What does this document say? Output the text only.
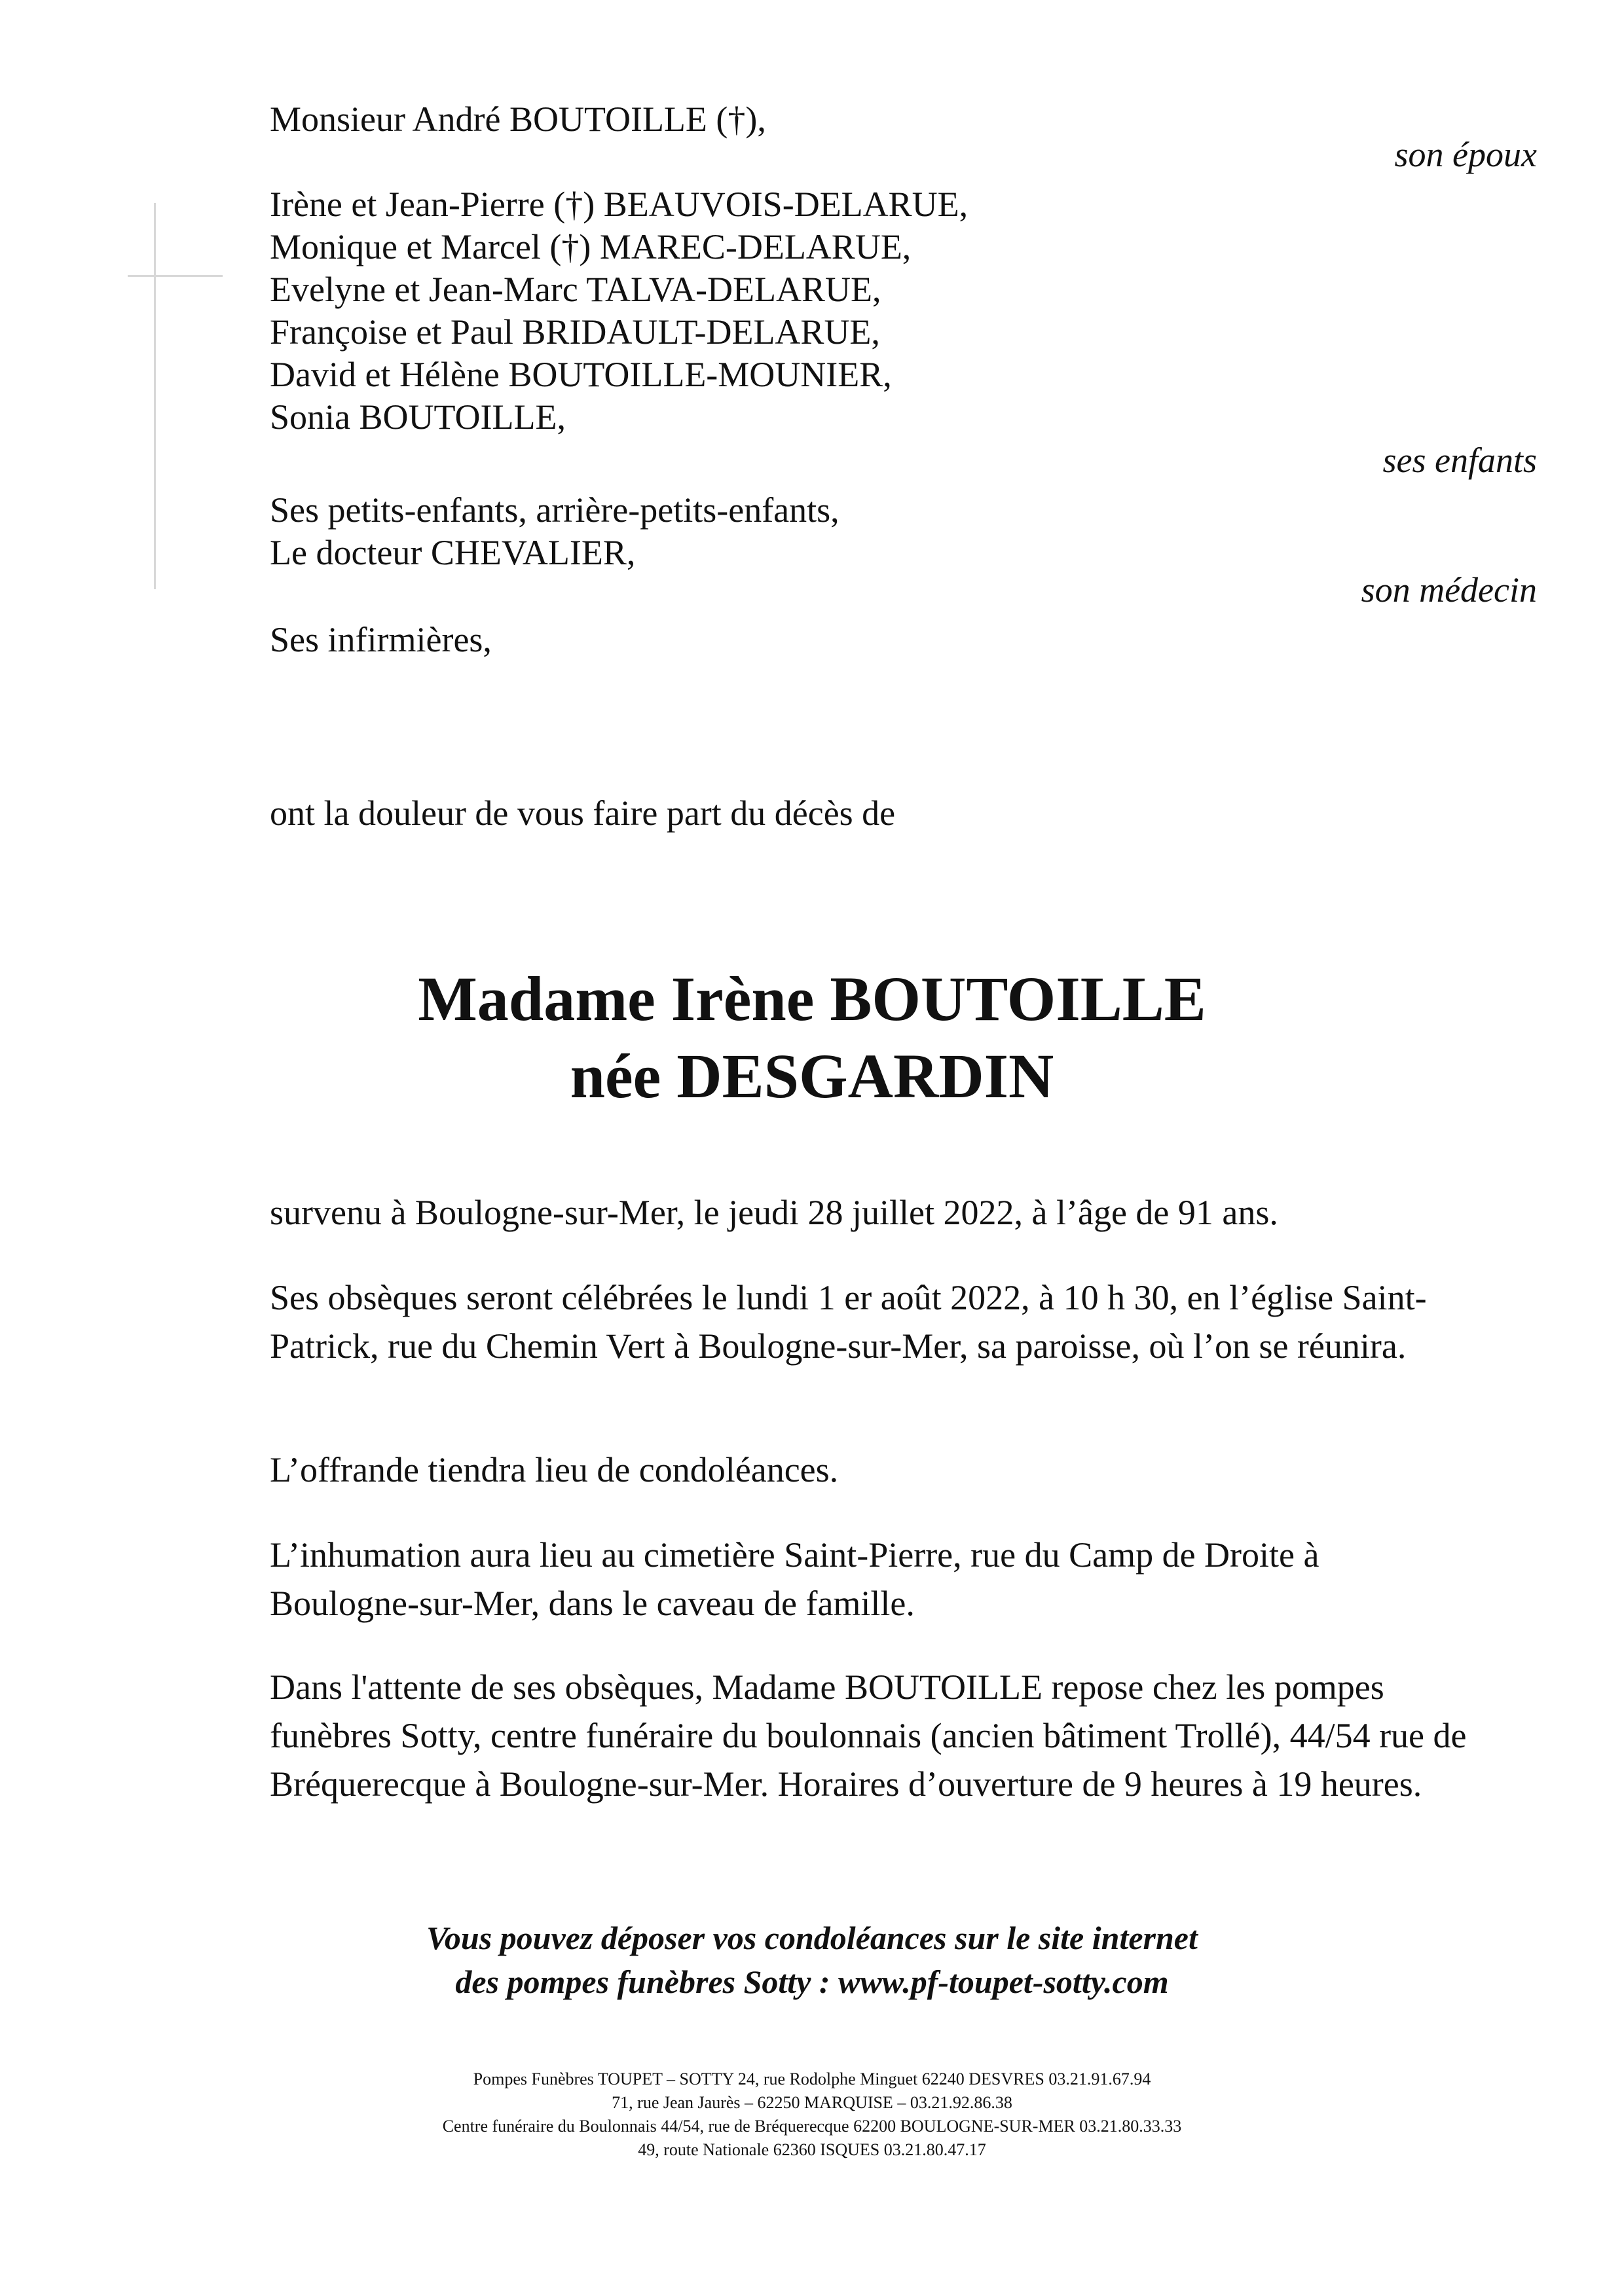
Monsieur André BOUTOILLE (†),
son époux
Irène et Jean-Pierre (†) BEAUVOIS-DELARUE,
Monique et Marcel (†) MAREC-DELARUE,
Evelyne et Jean-Marc TALVA-DELARUE,
Françoise et Paul BRIDAULT-DELARUE,
David et Hélène BOUTOILLE-MOUNIER,
Sonia BOUTOILLE,
ses enfants
Ses petits-enfants, arrière-petits-enfants,
Le docteur CHEVALIER,
son médecin
Ses infirmières,
ont la douleur de vous faire part du décès de
Madame Irène BOUTOILLE
née DESGARDIN
survenu à Boulogne-sur-Mer, le jeudi 28 juillet 2022, à l’âge de 91 ans.
Ses obsèques seront célébrées le lundi 1 er août 2022, à 10 h 30, en l’église Saint-Patrick, rue du Chemin Vert à Boulogne-sur-Mer, sa paroisse, où l’on se réunira.
L’offrande tiendra lieu de condoléances.
L’inhumation aura lieu au cimetière Saint-Pierre, rue du Camp de Droite à Boulogne-sur-Mer, dans le caveau de famille.
Dans l'attente de ses obsèques, Madame BOUTOILLE repose chez les pompes funèbres Sotty, centre funéraire du boulonnais (ancien bâtiment Trollé), 44/54 rue de Bréquerecque à Boulogne-sur-Mer. Horaires d’ouverture de 9 heures à 19 heures.
Vous pouvez déposer vos condoléances sur le site internet
des pompes funèbres Sotty : www.pf-toupet-sotty.com
Pompes Funèbres TOUPET – SOTTY 24, rue Rodolphe Minguet 62240 DESVRES 03.21.91.67.94
71, rue Jean Jaurès – 62250 MARQUISE – 03.21.92.86.38
Centre funéraire du Boulonnais 44/54, rue de Bréquerecque 62200 BOULOGNE-SUR-MER 03.21.80.33.33
49, route Nationale 62360 ISQUES 03.21.80.47.17
